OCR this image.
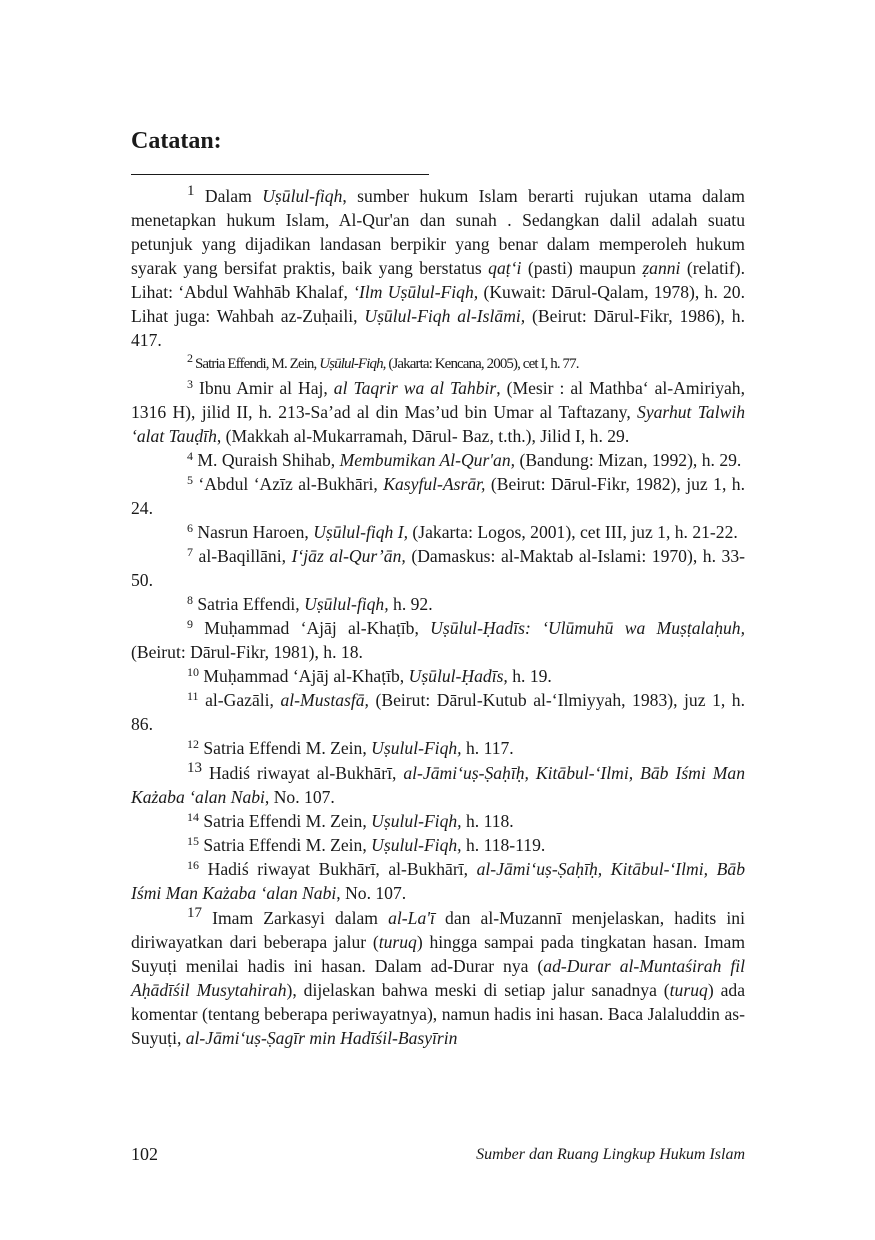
Catatan:

$^1$ Dalam Uṣūlul-fiqh, sumber hukum Islam berarti rujukan utama dalam menetapkan hukum Islam, Al-Qur'an dan sunah . Sedangkan dalil adalah suatu petunjuk yang dijadikan landasan berpikir yang benar dalam memperoleh hukum syarak yang bersifat praktis, baik yang berstatus qaṭ‘i (pasti) maupun ẓanni (relatif). Lihat: ‘Abdul Wahhāb Khalaf, ‘Ilm Uṣūlul-Fiqh, (Kuwait: Dārul-Qalam, 1978), h. 20. Lihat juga: Wahbah az-Zuḥaili, Uṣūlul-Fiqh al-Islāmi, (Beirut: Dārul-Fikr, 1986), h. 417.

$^2$ Satria Effendi, M. Zein, Uṣūlul-Fiqh, (Jakarta: Kencana, 2005), cet I, h. 77.

$^3$ Ibnu Amir al Haj, al Taqrir wa al Tahbir, (Mesir : al Mathba‘ al-Amiriyah, 1316 H), jilid II, h. 213-Sa’ad al din Mas’ud bin Umar al Taftazany, Syarhut Talwih ‘alat Tauḍīh, (Makkah al-Mukarramah, Dārul- Baz, t.th.), Jilid I, h. 29.

$^4$ M. Quraish Shihab, Membumikan Al-Qur'an, (Bandung: Mizan, 1992), h. 29.

$^5$ ‘Abdul ‘Azīz al-Bukhāri, Kasyful-Asrār, (Beirut: Dārul-Fikr, 1982), juz 1, h. 24.

$^6$ Nasrun Haroen, Uṣūlul-fiqh I, (Jakarta: Logos, 2001), cet III, juz 1, h. 21-22.

$^7$ al-Baqillāni, I‘jāz al-Qur’ān, (Damaskus: al-Maktab al-Islami: 1970), h. 33-50.

$^8$ Satria Effendi, Uṣūlul-fiqh, h. 92.

$^9$ Muḥammad ‘Ajāj al-Khaṭīb, Uṣūlul-Ḥadīs: ‘Ulūmuhū wa Muṣṭalaḥuh, (Beirut: Dārul-Fikr, 1981), h. 18.

$^{10}$ Muḥammad ‘Ajāj al-Khaṭīb, Uṣūlul-Ḥadīs, h. 19.

$^{11}$ al-Gazāli, al-Mustasfā, (Beirut: Dārul-Kutub al-‘Ilmiyyah, 1983), juz 1, h. 86.

$^{12}$ Satria Effendi M. Zein, Uṣulul-Fiqh, h. 117.

$^{13}$ Hadiś riwayat al-Bukhārī, al-Jāmi‘uṣ-Ṣaḥīḥ, Kitābul-‘Ilmi, Bāb Iśmi Man Każaba ‘alan Nabi, No. 107.

$^{14}$ Satria Effendi M. Zein, Uṣulul-Fiqh, h. 118.

$^{15}$ Satria Effendi M. Zein, Uṣulul-Fiqh, h. 118-119.

$^{16}$ Hadiś riwayat Bukhārī, al-Bukhārī, al-Jāmi‘uṣ-Ṣaḥīḥ, Kitābul-‘Ilmi, Bāb Iśmi Man Każaba ‘alan Nabi, No. 107.

$^{17}$ Imam Zarkasyi dalam al-La'ī dan al-Muzannī menjelaskan, hadits ini diriwayatkan dari beberapa jalur (turuq) hingga sampai pada tingkatan hasan. Imam Suyuṭi menilai hadis ini hasan. Dalam ad-Durar nya (ad-Durar al-Muntaśirah fil Aḥādīśil Musytahirah), dijelaskan bahwa meski di setiap jalur sanadnya (turuq) ada komentar (tentang beberapa periwayatnya), namun hadis ini hasan. Baca Jalaluddin as-Suyuṭi, al-Jāmi‘uṣ-Ṣagīr min Hadīśil-Basyīrin

102	Sumber dan Ruang Lingkup Hukum Islam
